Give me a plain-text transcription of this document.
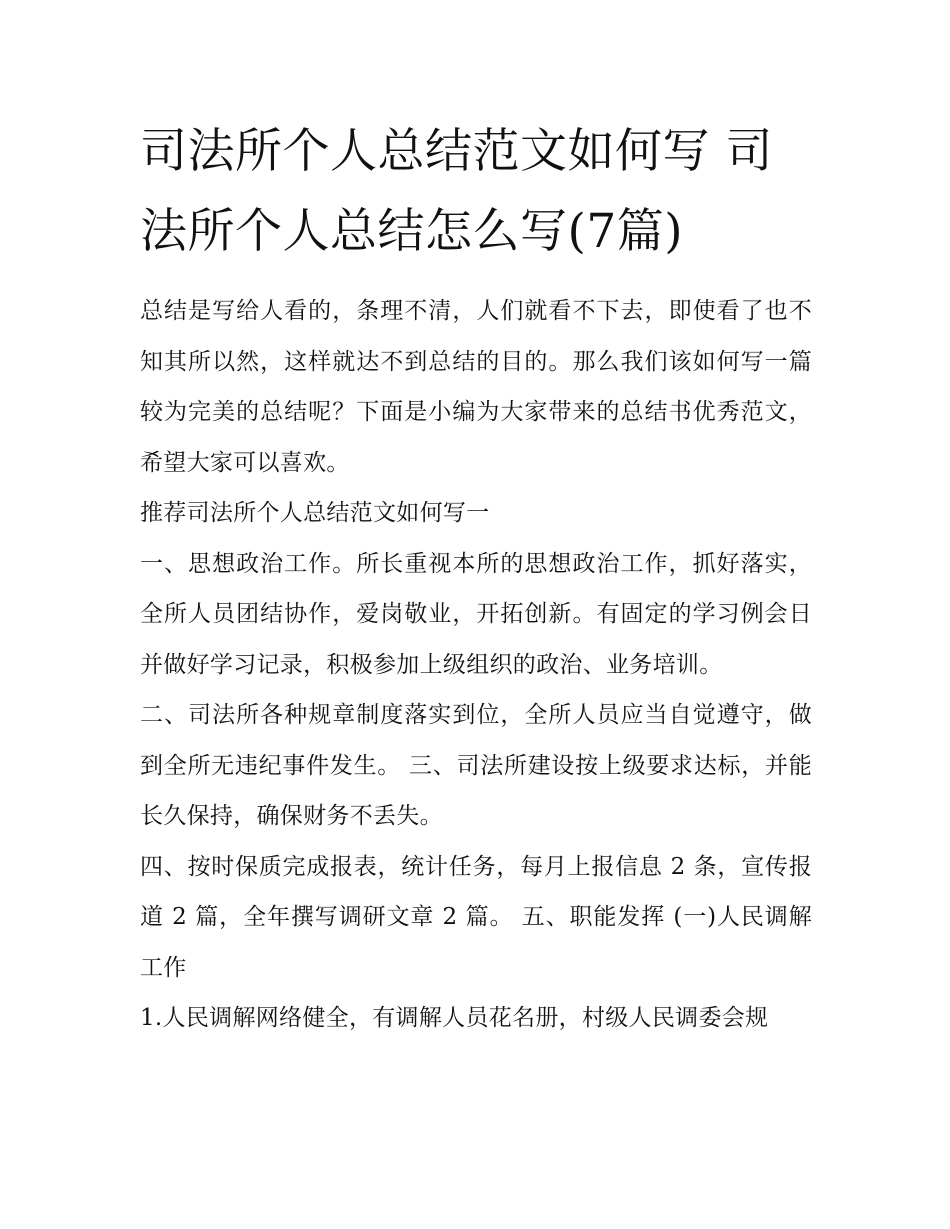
司法所个人总结范文如何写 司法所个人总结怎么写(7篇)

总结是写给人看的，条理不清，人们就看不下去，即使看了也不知其所以然，这样就达不到总结的目的。那么我们该如何写一篇较为完美的总结呢？下面是小编为大家带来的总结书优秀范文，希望大家可以喜欢。

推荐司法所个人总结范文如何写一

一、思想政治工作。所长重视本所的思想政治工作，抓好落实，全所人员团结协作，爱岗敬业，开拓创新。有固定的学习例会日并做好学习记录，积极参加上级组织的政治、业务培训。

二、司法所各种规章制度落实到位，全所人员应当自觉遵守，做到全所无违纪事件发生。 三、司法所建设按上级要求达标，并能长久保持，确保财务不丢失。

四、按时保质完成报表，统计任务，每月上报信息 2 条，宣传报道 2 篇，全年撰写调研文章 2 篇。 五、职能发挥 (一)人民调解工作

1.人民调解网络健全，有调解人员花名册，村级人民调委会规
